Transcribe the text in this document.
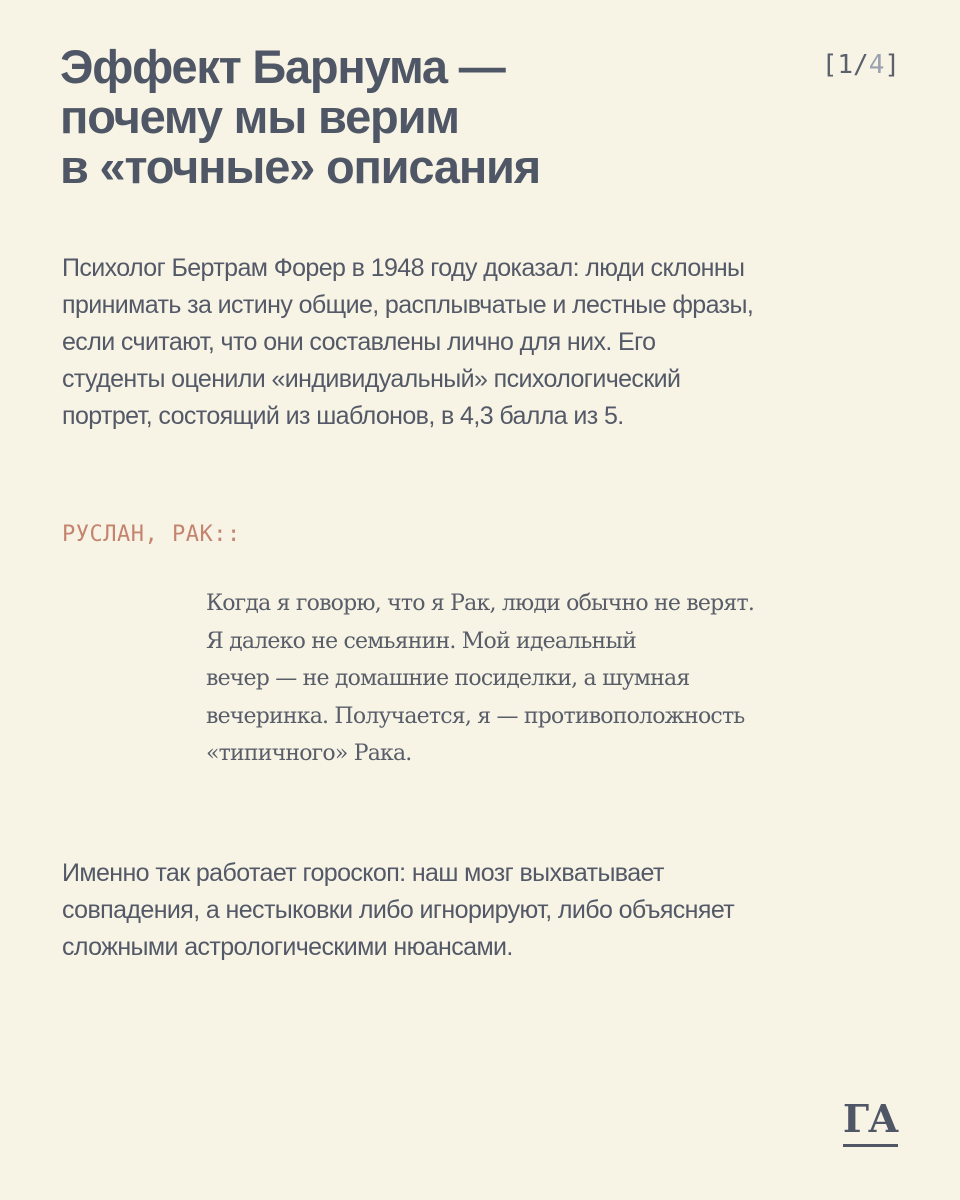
Эффект Барнума —
почему мы верим
в «точные» описания
[1/4]
Психолог Бертрам Форер в 1948 году доказал: люди склонны
принимать за истину общие, расплывчатые и лестные фразы,
если считают, что они составлены лично для них. Его
студенты оценили «индивидуальный» психологический
портрет, состоящий из шаблонов, в 4,3 балла из 5.
РУСЛАН, РАК::
Когда я говорю, что я Рак, люди обычно не верят.
Я далеко не семьянин. Мой идеальный
вечер — не домашние посиделки, а шумная
вечеринка. Получается, я — противоположность
«типичного» Рака.
Именно так работает гороскоп: наш мозг выхватывает
совпадения, а нестыковки либо игнорируют, либо объясняет
сложными астрологическими нюансами.
ГА
